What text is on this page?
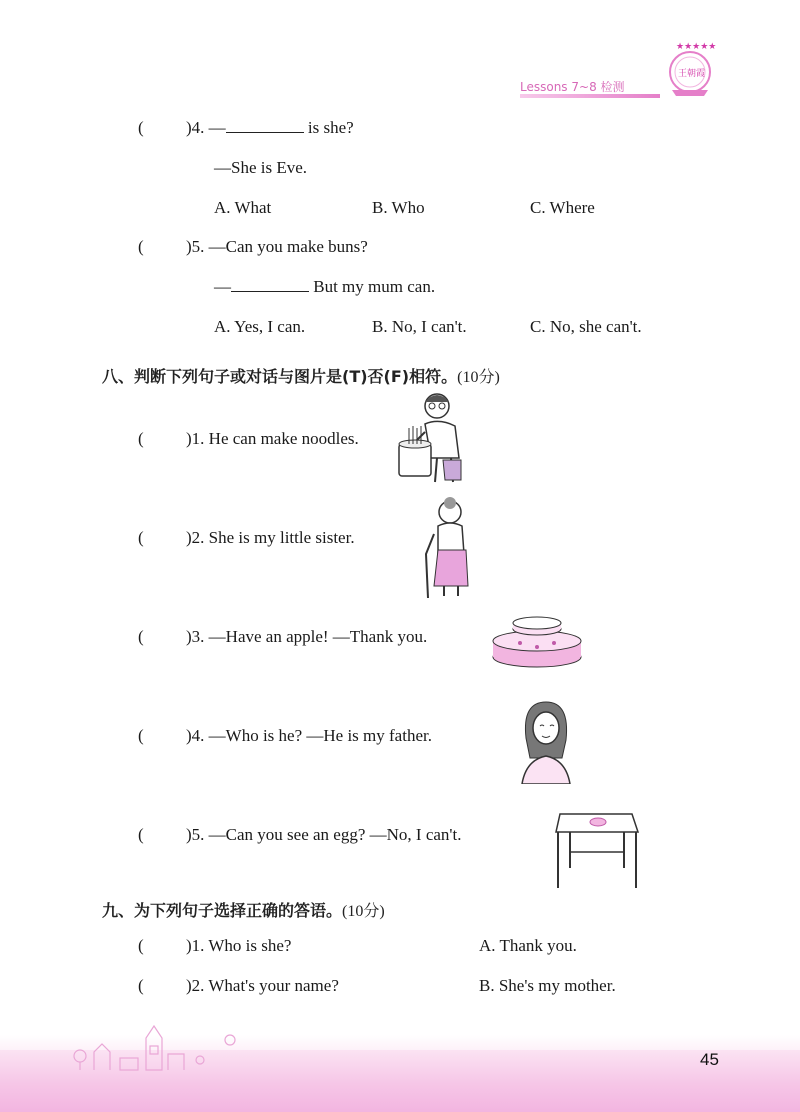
Lessons 7~8 检测
★★★★★
王朝霞
( )4. —	is she?
—She is Eve.
A. What	B. Who	C. Where
( )5. —Can you make buns?
—	But my mum can.
A. Yes, I can.	B. No, I can't.	C. No, she can't.
八、判断下列句子或对话与图片是(T)否(F)相符。(10分)
( )1. He can make noodles.
( )2. She is my little sister.
( )3. —Have an apple! —Thank you.
( )4. —Who is he? —He is my father.
( )5. —Can you see an egg? —No, I can't.
九、为下列句子选择正确的答语。(10分)
( )1. Who is she?	A. Thank you.
( )2. What's your name?	B. She's my mother.
45
